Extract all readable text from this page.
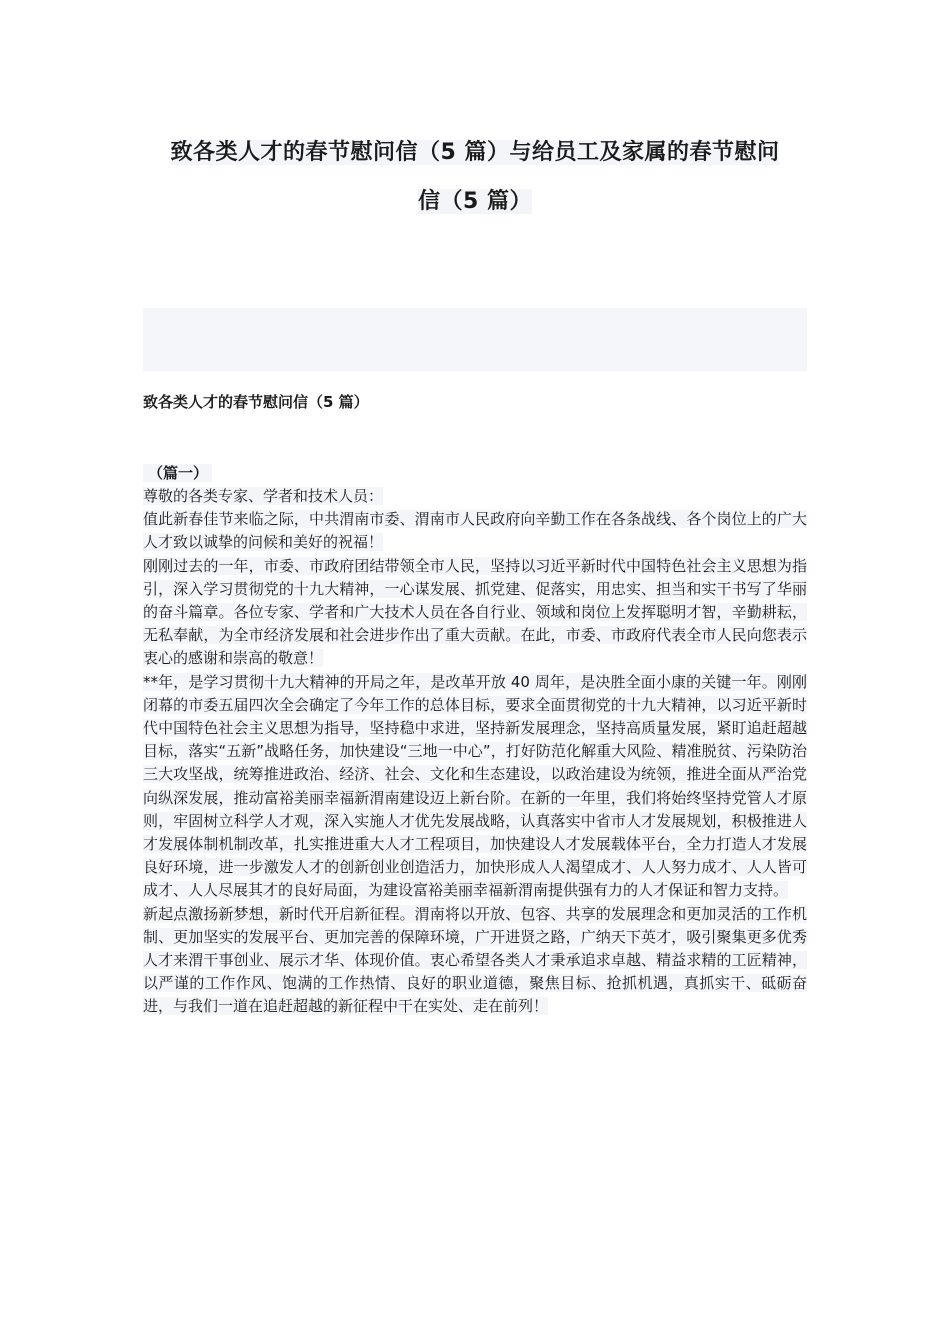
致各类人才的春节慰问信（5 篇）与给员工及家属的春节慰问
信（5 篇）
致各类人才的春节慰问信（5 篇）
（篇一）

尊敬的各类专家、学者和技术人员：

值此新春佳节来临之际，中共渭南市委、渭南市人民政府向辛勤工作在各条战线、各个岗位上的广大人才致以诚挚的问候和美好的祝福！

刚刚过去的一年，市委、市政府团结带领全市人民，坚持以习近平新时代中国特色社会主义思想为指引，深入学习贯彻党的十九大精神，一心谋发展、抓党建、促落实，用忠实、担当和实干书写了华丽的奋斗篇章。各位专家、学者和广大技术人员在各自行业、领域和岗位上发挥聪明才智，辛勤耕耘，无私奉献，为全市经济发展和社会进步作出了重大贡献。在此，市委、市政府代表全市人民向您表示衷心的感谢和崇高的敬意！

**年，是学习贯彻十九大精神的开局之年，是改革开放 40 周年，是决胜全面小康的关键一年。刚刚闭幕的市委五届四次全会确定了今年工作的总体目标，要求全面贯彻党的十九大精神，以习近平新时代中国特色社会主义思想为指导，坚持稳中求进，坚持新发展理念，坚持高质量发展，紧盯追赶超越目标，落实“五新”战略任务，加快建设“三地一中心”，打好防范化解重大风险、精准脱贫、污染防治三大攻坚战，统筹推进政治、经济、社会、文化和生态建设，以政治建设为统领，推进全面从严治党向纵深发展，推动富裕美丽幸福新渭南建设迈上新台阶。在新的一年里，我们将始终坚持党管人才原则，牢固树立科学人才观，深入实施人才优先发展战略，认真落实中省市人才发展规划，积极推进人才发展体制机制改革，扎实推进重大人才工程项目，加快建设人才发展载体平台，全力打造人才发展良好环境，进一步激发人才的创新创业创造活力，加快形成人人渴望成才、人人努力成才、人人皆可成才、人人尽展其才的良好局面，为建设富裕美丽幸福新渭南提供强有力的人才保证和智力支持。

新起点激扬新梦想，新时代开启新征程。渭南将以开放、包容、共享的发展理念和更加灵活的工作机制、更加坚实的发展平台、更加完善的保障环境，广开进贤之路，广纳天下英才，吸引聚集更多优秀人才来渭干事创业、展示才华、体现价值。衷心希望各类人才秉承追求卓越、精益求精的工匠精神，以严谨的工作作风、饱满的工作热情、良好的职业道德，聚焦目标、抢抓机遇，真抓实干、砥砺奋进，与我们一道在追赶超越的新征程中干在实处、走在前列！
